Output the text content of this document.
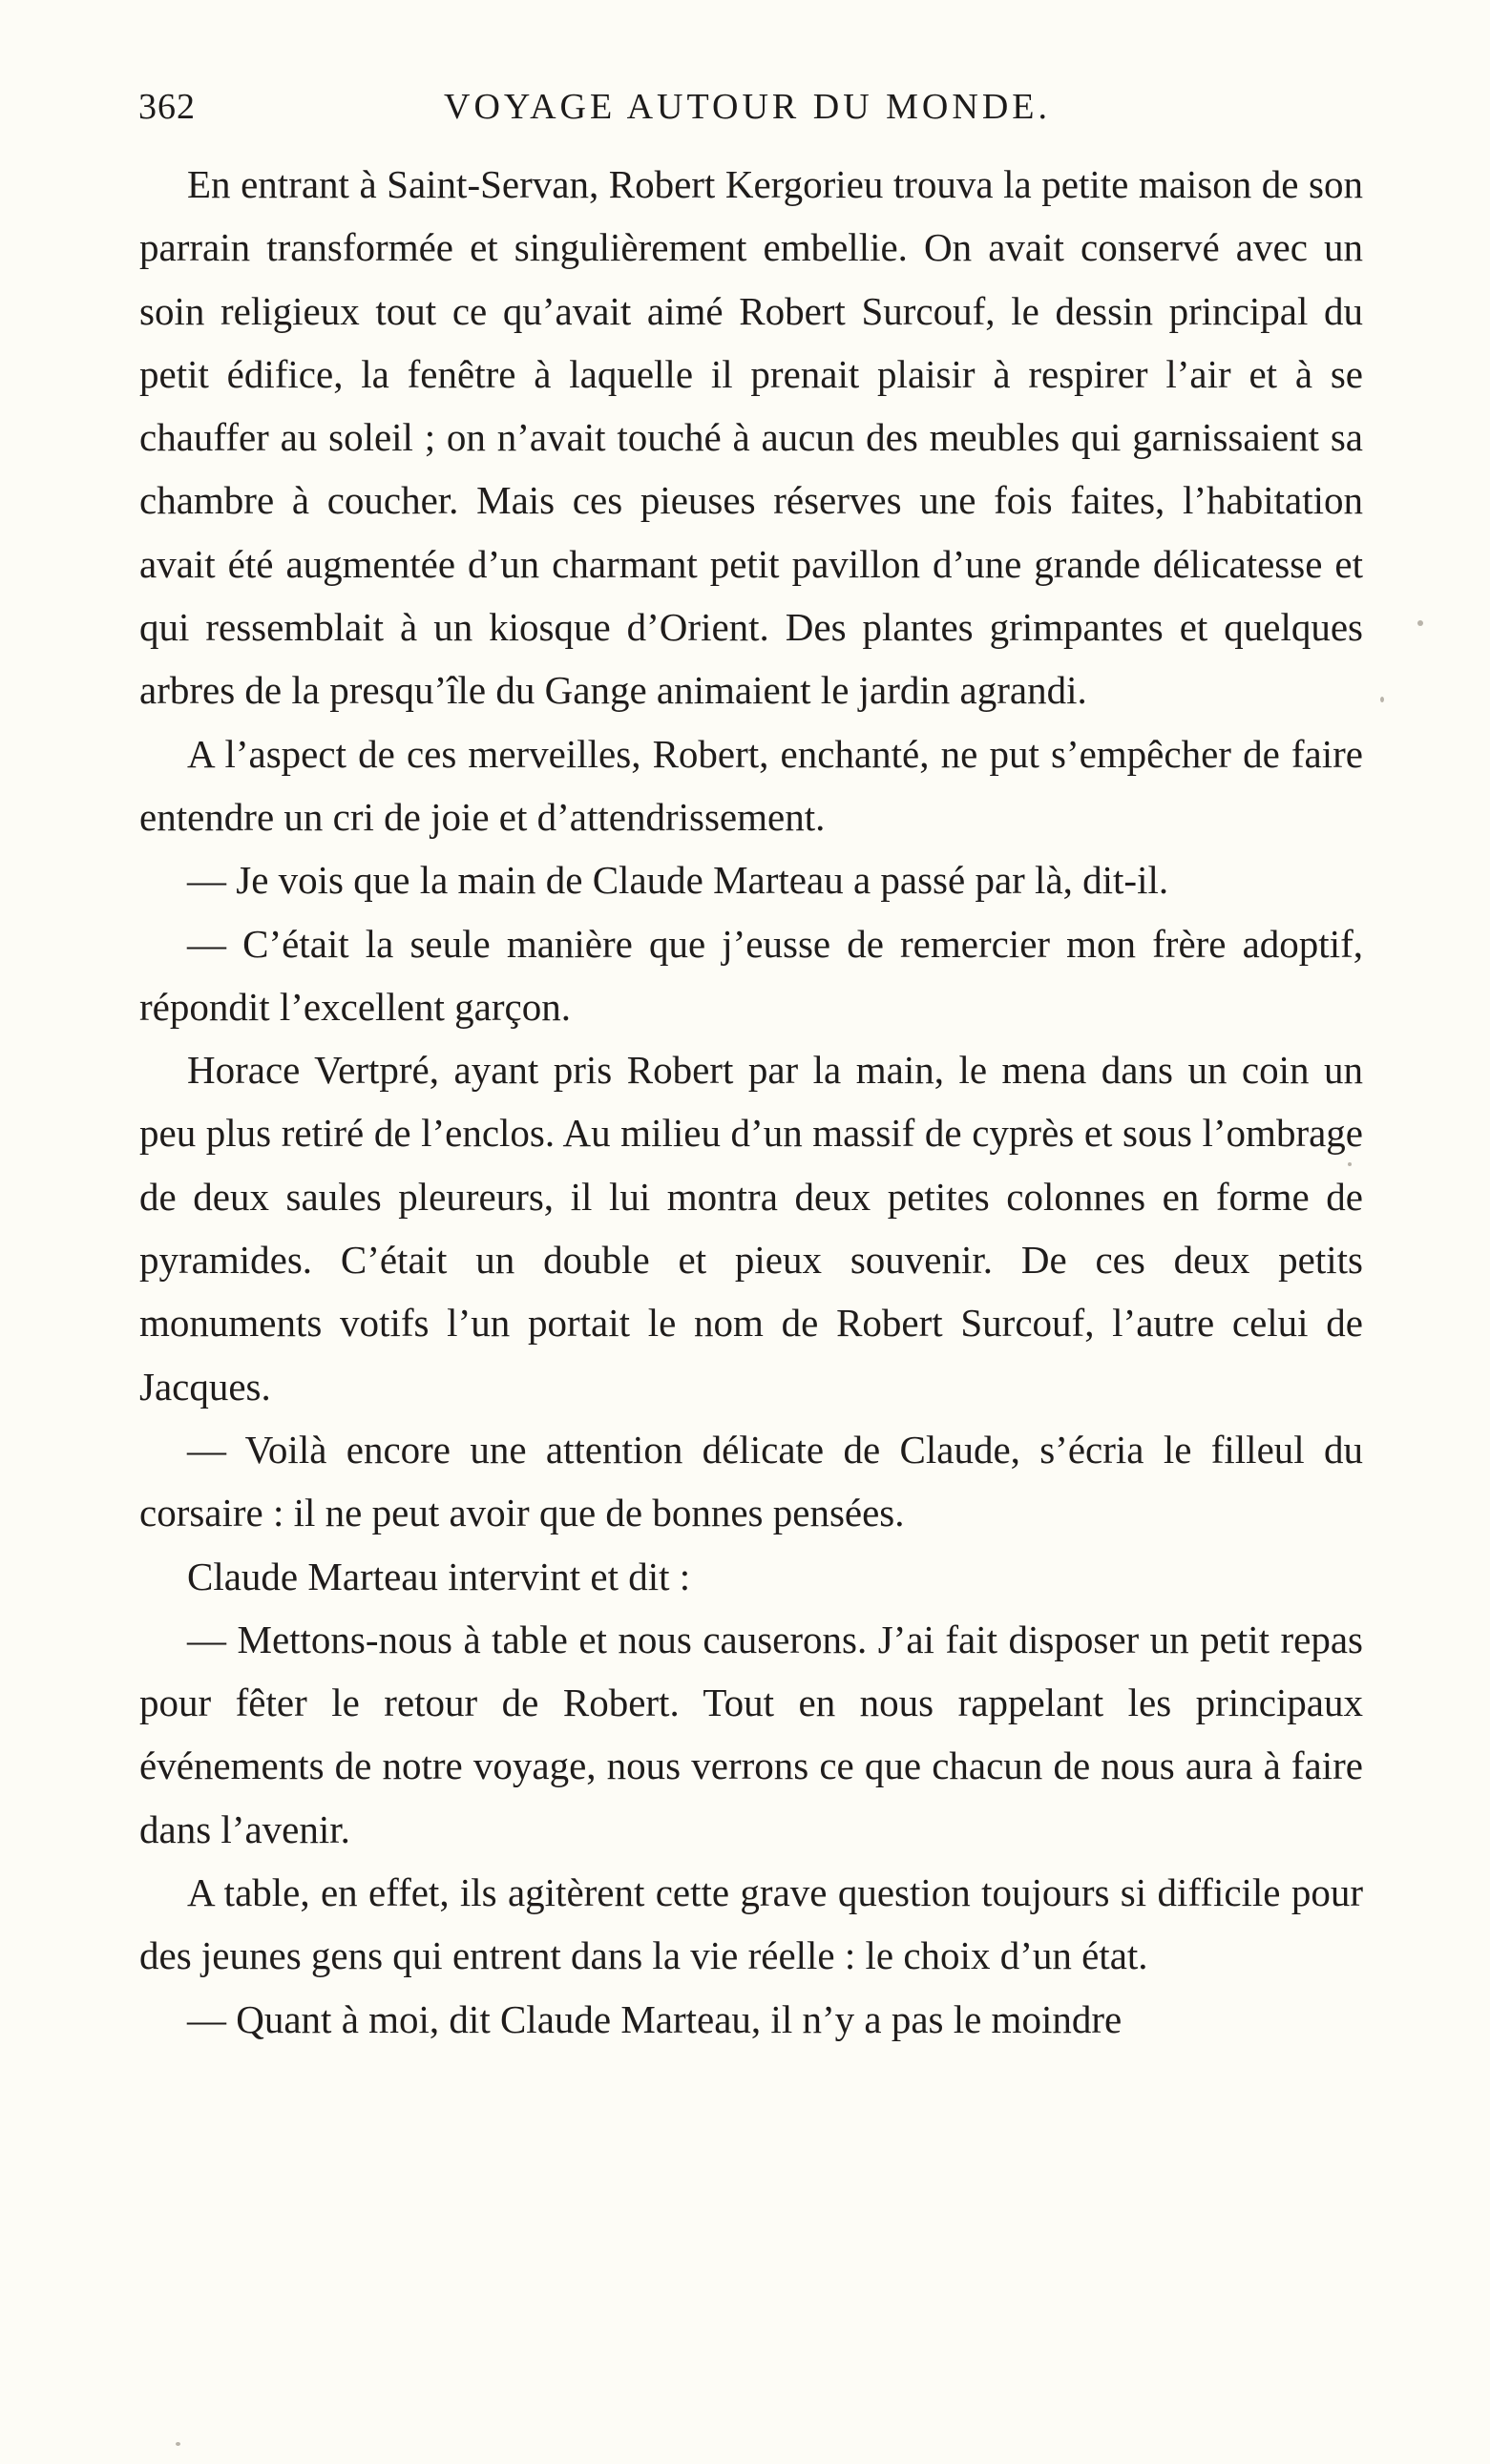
362	VOYAGE AUTOUR DU MONDE.

En entrant à Saint-Servan, Robert Kergorieu trouva la petite maison de son parrain transformée et singulièrement embellie. On avait conservé avec un soin religieux tout ce qu’avait aimé Robert Surcouf, le dessin principal du petit édifice, la fenêtre à laquelle il prenait plaisir à respirer l’air et à se chauffer au soleil ; on n’avait touché à aucun des meubles qui garnissaient sa chambre à coucher. Mais ces pieuses réserves une fois faites, l’habitation avait été augmentée d’un charmant petit pavillon d’une grande délicatesse et qui ressemblait à un kiosque d’Orient. Des plantes grimpantes et quelques arbres de la presqu’île du Gange animaient le jardin agrandi.

A l’aspect de ces merveilles, Robert, enchanté, ne put s’empêcher de faire entendre un cri de joie et d’attendrissement.

— Je vois que la main de Claude Marteau a passé par là, dit-il.

— C’était la seule manière que j’eusse de remercier mon frère adoptif, répondit l’excellent garçon.

Horace Vertpré, ayant pris Robert par la main, le mena dans un coin un peu plus retiré de l’enclos. Au milieu d’un massif de cyprès et sous l’ombrage de deux saules pleureurs, il lui montra deux petites colonnes en forme de pyramides. C’était un double et pieux souvenir. De ces deux petits monuments votifs l’un portait le nom de Robert Surcouf, l’autre celui de Jacques.

— Voilà encore une attention délicate de Claude, s’écria le filleul du corsaire : il ne peut avoir que de bonnes pensées.

Claude Marteau intervint et dit :

— Mettons-nous à table et nous causerons. J’ai fait disposer un petit repas pour fêter le retour de Robert. Tout en nous rappelant les principaux événements de notre voyage, nous verrons ce que chacun de nous aura à faire dans l’avenir.

A table, en effet, ils agitèrent cette grave question toujours si difficile pour des jeunes gens qui entrent dans la vie réelle : le choix d’un état.

— Quant à moi, dit Claude Marteau, il n’y a pas le moindre
